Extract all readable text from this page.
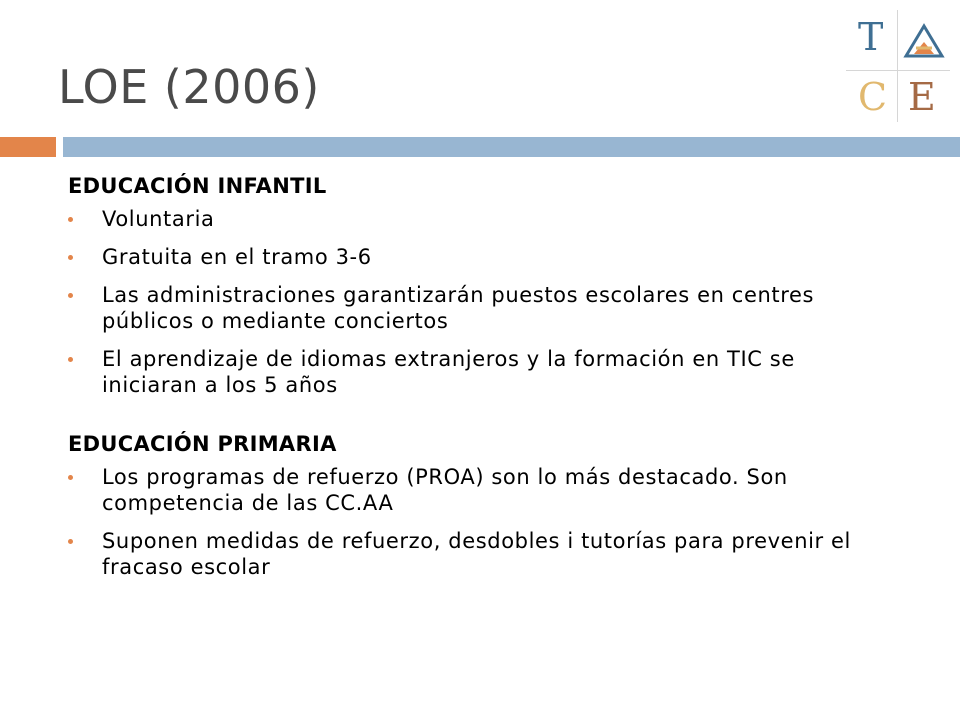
LOE (2006)
T
C E
EDUCACIÓN INFANTIL
Voluntaria
Gratuita en el tramo 3-6
Las administraciones garantizarán puestos escolares en centres públicos o mediante conciertos
El aprendizaje de idiomas extranjeros y la formación en TIC se iniciaran a los 5 años
EDUCACIÓN PRIMARIA
Los programas de refuerzo (PROA) son lo más destacado. Son competencia de las CC.AA
Suponen medidas de refuerzo, desdobles i tutorías para prevenir el fracaso escolar
